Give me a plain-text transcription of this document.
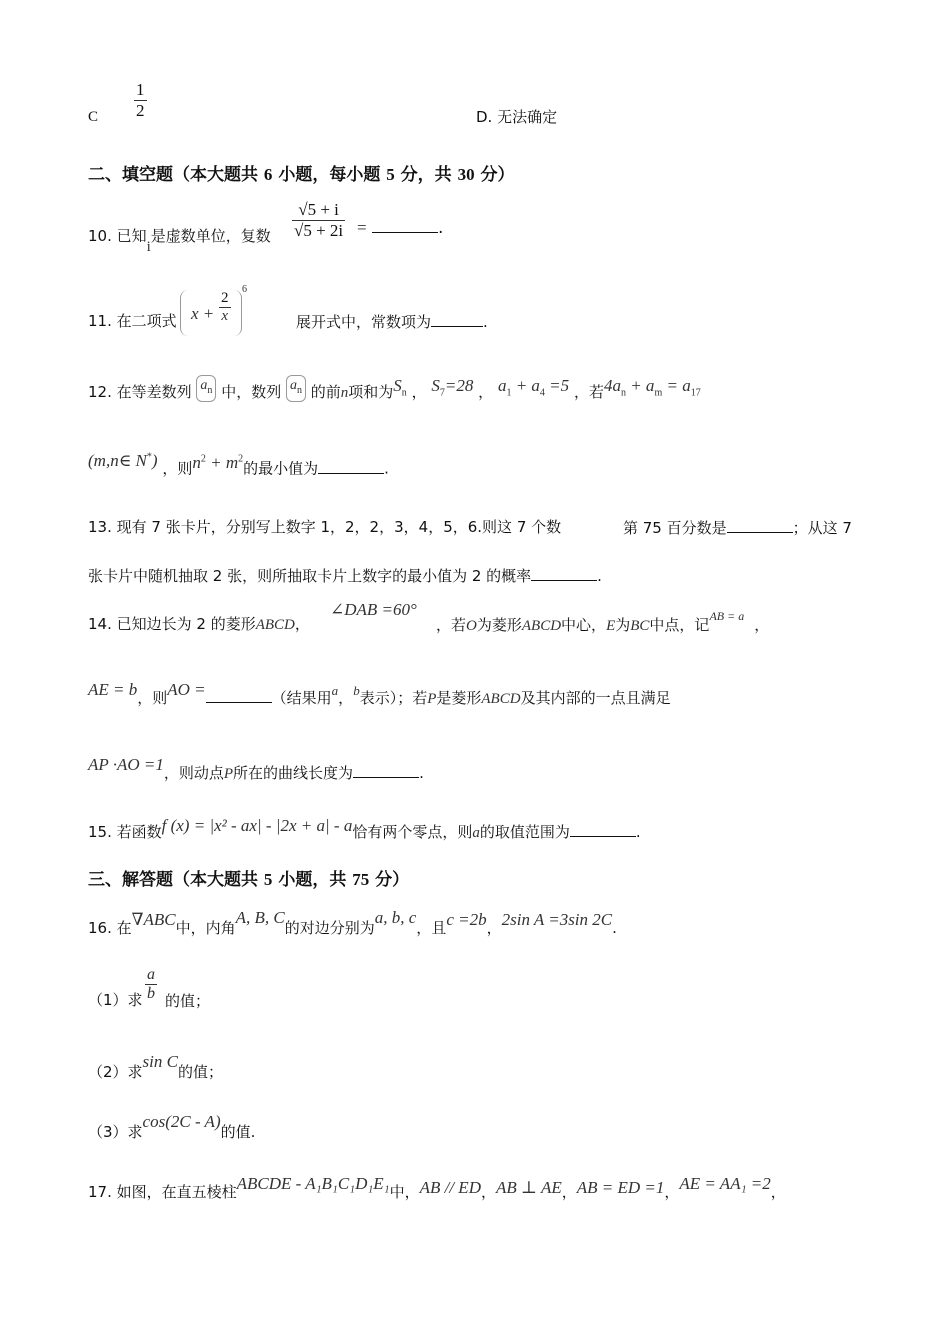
C $\frac{1}{2}$	D. 无法确定
二、填空题（本大题共 6 小题，每小题 5 分，共 30 分）
10. 已知i是虚数单位，复数 $\frac{√5 + i}{√5 + 2i}$ =	.
11. 在二项式 $x + \frac{2}{x}$
6
展开式中，常数项为	.
12. 在等差数列 $a_n$ 中，数列 $a_n$ 的前n项和为$S_n$ ， $S_7=28$ ， $a_1 + a_4 =5$ ，若$4a_n + a_m = a_{17}$
(m,n∈ N*) ，则$n^2 + m^2$的最小值为	.
13. 现有 7 张卡片，分别写上数字 1，2，2，3，4，5，6.则这 7 个数	第 75 百分数是	；从这 7
张卡片中随机抽取 2 张，则所抽取卡片上数字的最小值为 2 的概率	.
14. 已知边长为 2 的菱形ABCD，
∠DAB =60°
，若O为菱形ABCD中心，E为BC中点，记$^{AB = a}$ ，
AE = b，则AO =	（结果用a，b表示）；若P是菱形ABCD及其内部的一点且满足
AP ·AO =1，则动点P所在的曲线长度为	.
15. 若函数f (x) = |x² - ax| - |2x + a| - a恰有两个零点，则a的取值范围为	.
三、解答题（本大题共 5 小题，共 75 分）
16. 在∇ABC中，内角A, B, C的对边分别为a, b, c，且c =2b，2sin A =3sin 2C.
（1）求 $\frac{a}{b}$ 的值；
（2）求sin C的值；
（3）求cos(2C - A)的值.
17. 如图，在直五棱柱ABCDE - A₁B₁C₁D₁E₁中，AB // ED，AB ⊥ AE，AB = ED =1，AE = AA₁ =2，
